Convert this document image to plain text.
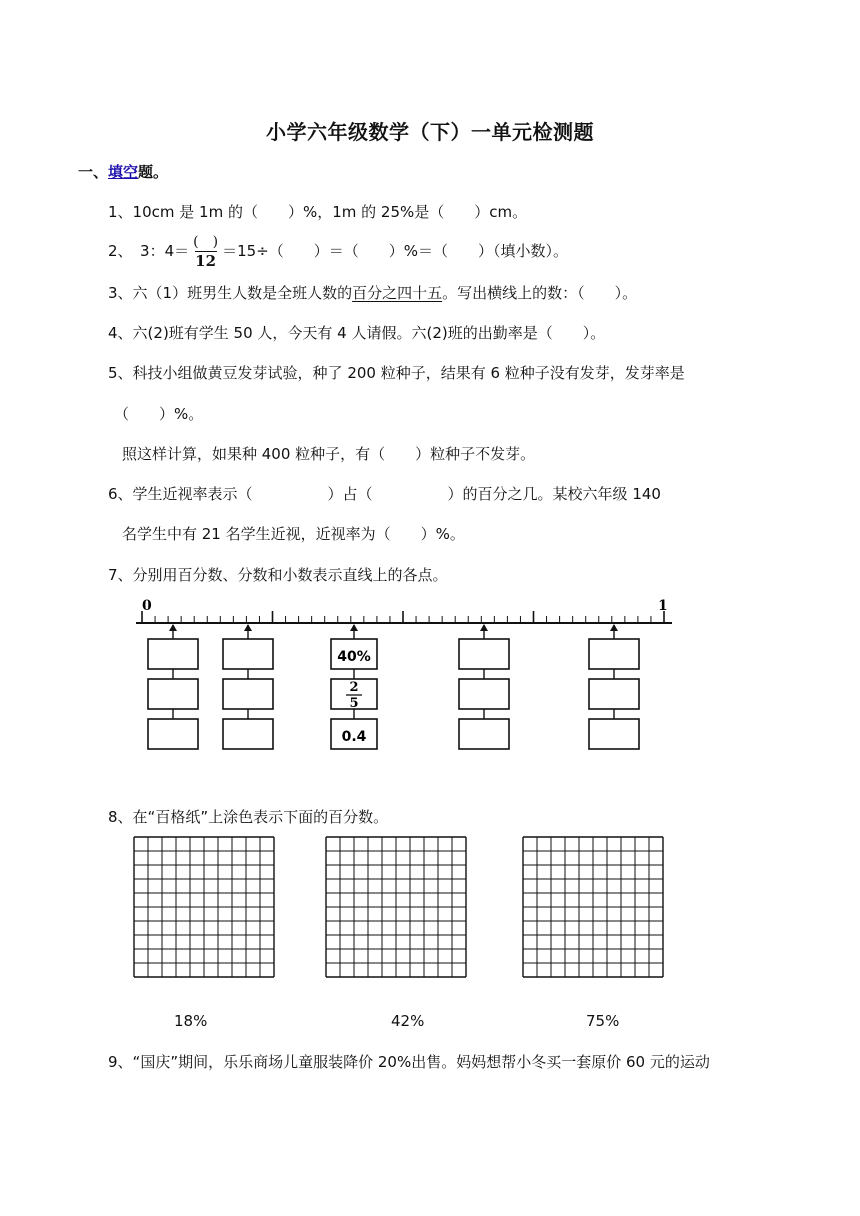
小学六年级数学（下）一单元检测题
一、填空题。
1、10cm 是 1m 的（　　）%，1m 的 25%是（　　）cm。
2、　3：$4= \frac{( )}{12} =15\div$（　　）＝（　　）%＝（　　）（填小数）。
3、六（1）班男生人数是全班人数的百分之四十五。写出横线上的数：（　　）。
4、六(2)班有学生 50 人，今天有 4 人请假。六(2)班的出勤率是（　　）。
5、科技小组做黄豆发芽试验，种了 200 粒种子，结果有 6 粒种子没有发芽，发芽率是
（　　）%。
照这样计算，如果种 400 粒种子，有（　　）粒种子不发芽。
6、学生近视率表示（　　　　　）占（　　　　　）的百分之几。某校六年级 140
名学生中有 21 名学生近视，近视率为（　　）%。
7、分别用百分数、分数和小数表示直线上的各点。
0	1
40%
2
5
0.4
8、在“百格纸”上涂色表示下面的百分数。
18%	42%	75%
9、“国庆”期间，乐乐商场儿童服装降价 20%出售。妈妈想帮小冬买一套原价 60 元的运动
